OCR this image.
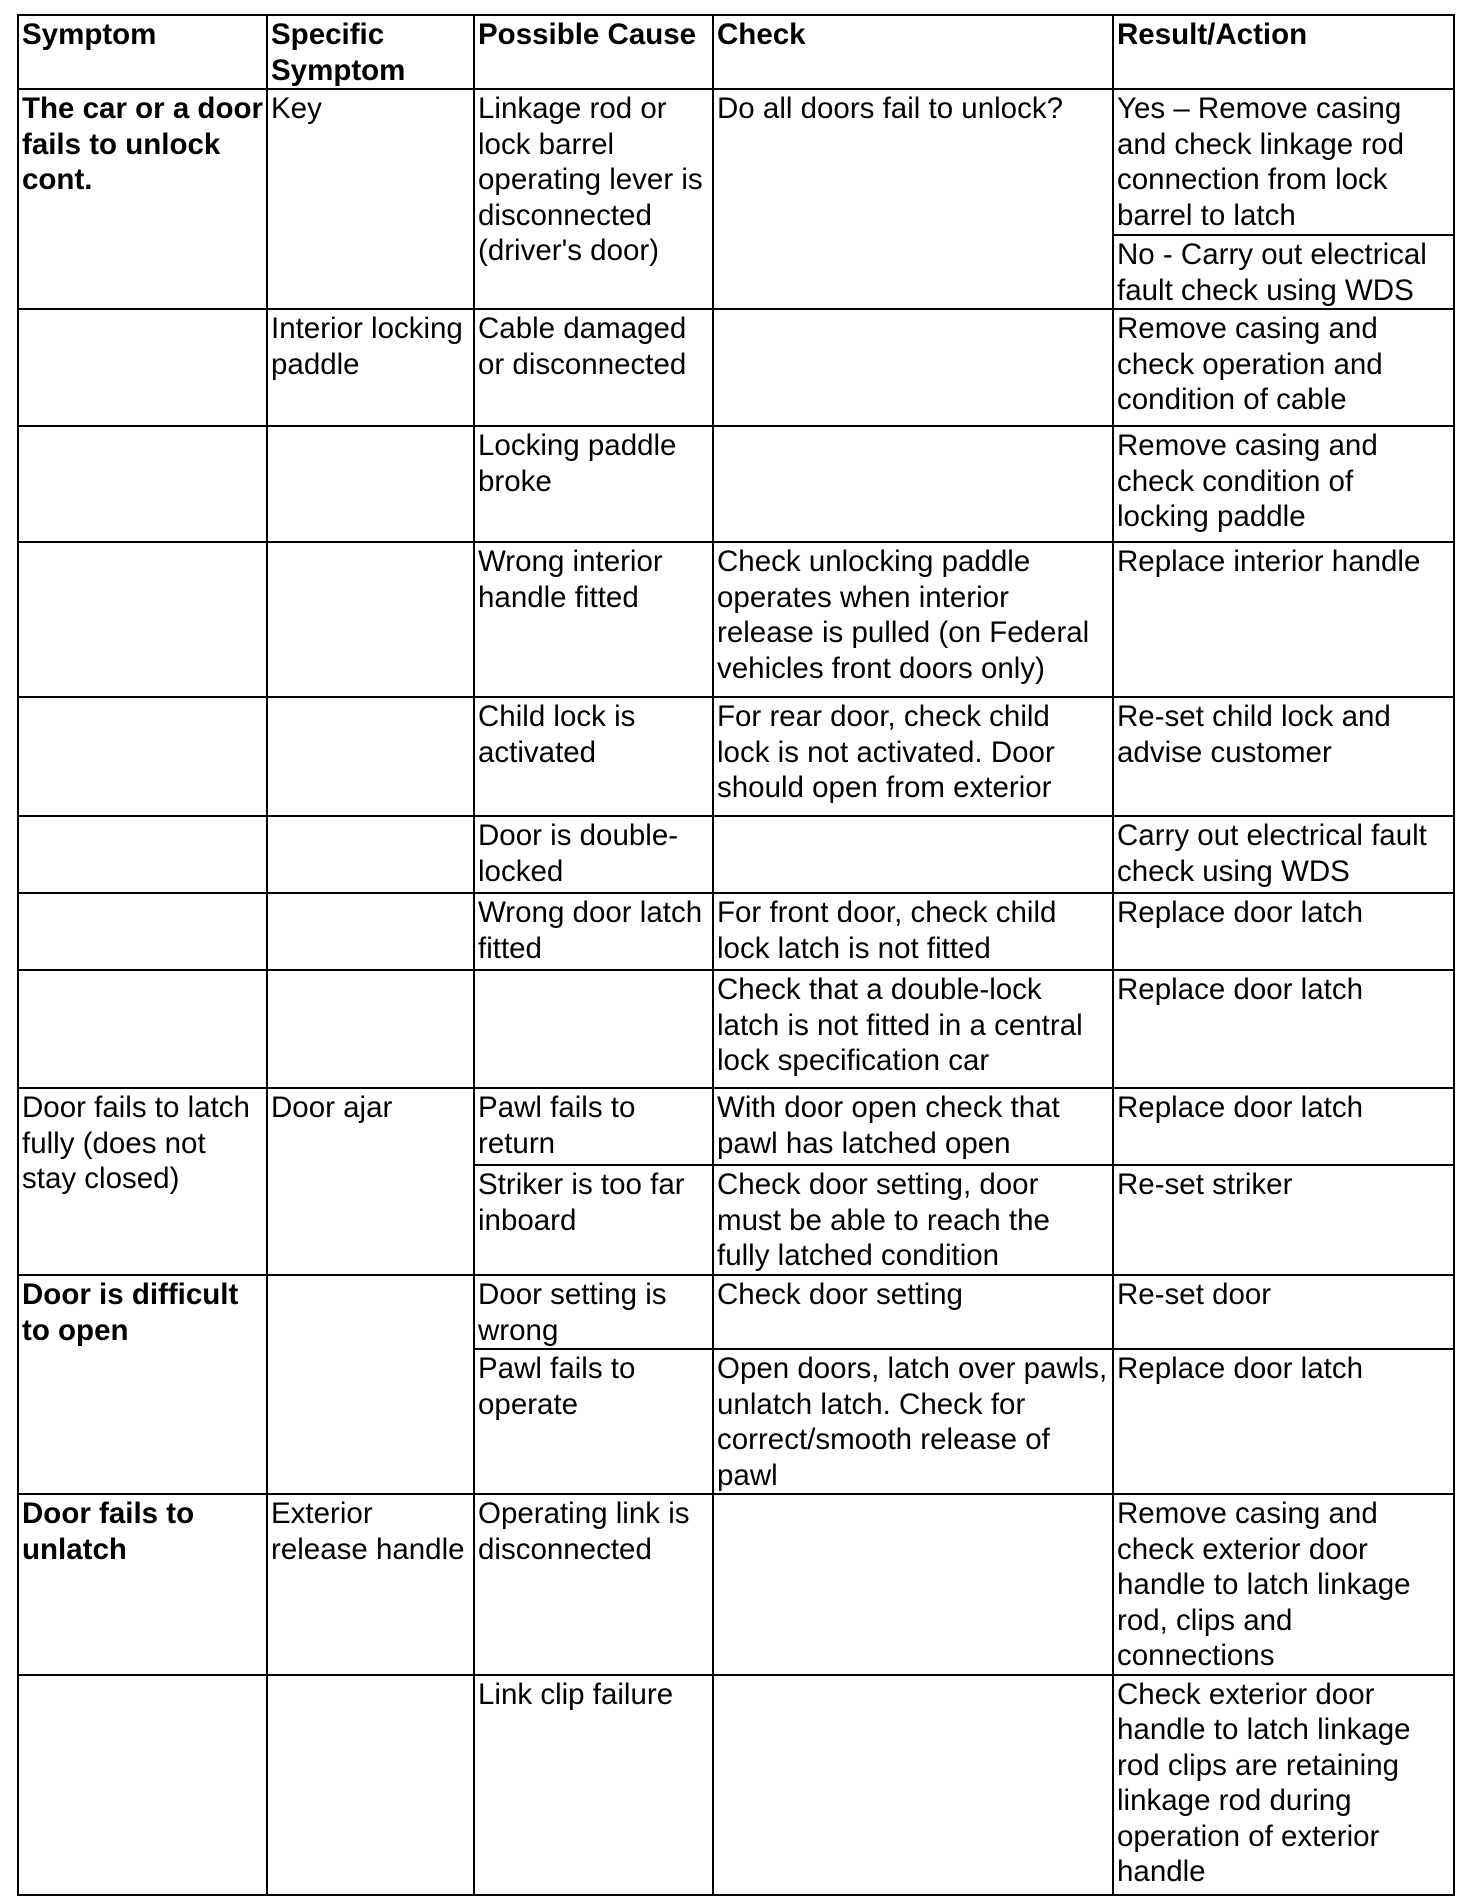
Symptom	Specific Symptom	Possible Cause	Check	Result/Action
The car or a door fails to unlock cont.	Key	Linkage rod or lock barrel operating lever is disconnected (driver's door)	Do all doors fail to unlock?	Yes – Remove casing and check linkage rod connection from lock barrel to latch
				No - Carry out electrical fault check using WDS
	Interior locking paddle	Cable damaged or disconnected		Remove casing and check operation and condition of cable
		Locking paddle broke		Remove casing and check condition of locking paddle
		Wrong interior handle fitted	Check unlocking paddle operates when interior release is pulled (on Federal vehicles front doors only)	Replace interior handle
		Child lock is activated	For rear door, check child lock is not activated. Door should open from exterior	Re-set child lock and advise customer
		Door is double-locked		Carry out electrical fault check using WDS
		Wrong door latch fitted	For front door, check child lock latch is not fitted	Replace door latch
			Check that a double-lock latch is not fitted in a central lock specification car	Replace door latch
Door fails to latch fully (does not stay closed)	Door ajar	Pawl fails to return	With door open check that pawl has latched open	Replace door latch
		Striker is too far inboard	Check door setting, door must be able to reach the fully latched condition	Re-set striker
Door is difficult to open		Door setting is wrong	Check door setting	Re-set door
		Pawl fails to operate	Open doors, latch over pawls, unlatch latch. Check for correct/smooth release of pawl	Replace door latch
Door fails to unlatch	Exterior release handle	Operating link is disconnected		Remove casing and check exterior door handle to latch linkage rod, clips and connections
		Link clip failure		Check exterior door handle to latch linkage rod clips are retaining linkage rod during operation of exterior handle
